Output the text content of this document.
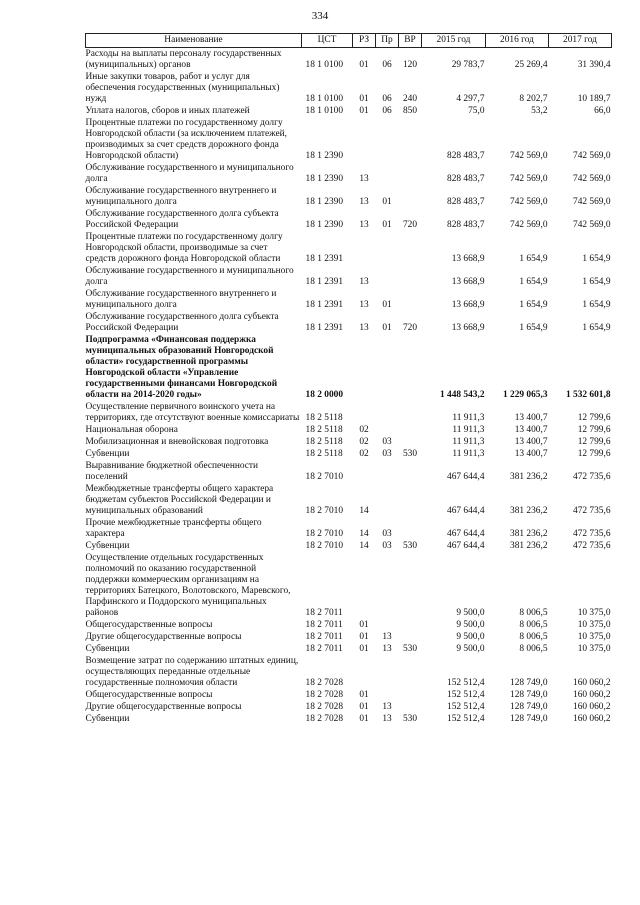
334
Наименование	ЦСТ	РЗ	Пр	ВР	2015 год	2016 год	2017 год
Расходы на выплаты персоналу государственных (муниципальных) органов	18 1 0100	01	06	120	29 783,7	25 269,4	31 390,4
Иные закупки товаров, работ и услуг для обеспечения государственных (муниципальных) нужд	18 1 0100	01	06	240	4 297,7	8 202,7	10 189,7
Уплата налогов, сборов и иных платежей	18 1 0100	01	06	850	75,0	53,2	66,0
Процентные платежи по государственному долгу Новгородской области (за исключением платежей, производимых за счет средств дорожного фонда Новгородской области)	18 1 2390				828 483,7	742 569,0	742 569,0
Обслуживание государственного и муниципального долга	18 1 2390	13			828 483,7	742 569,0	742 569,0
Обслуживание государственного внутреннего и муниципального долга	18 1 2390	13	01		828 483,7	742 569,0	742 569,0
Обслуживание государственного долга субъекта Российской Федерации	18 1 2390	13	01	720	828 483,7	742 569,0	742 569,0
Процентные платежи по государственному долгу Новгородской области, производимые за счет средств дорожного фонда Новгородской области	18 1 2391				13 668,9	1 654,9	1 654,9
Обслуживание государственного и муниципального долга	18 1 2391	13			13 668,9	1 654,9	1 654,9
Обслуживание государственного внутреннего и муниципального долга	18 1 2391	13	01		13 668,9	1 654,9	1 654,9
Обслуживание государственного долга субъекта Российской Федерации	18 1 2391	13	01	720	13 668,9	1 654,9	1 654,9
Подпрограмма «Финансовая поддержка муниципальных образований Новгородской области» государственной программы Новгородской области «Управление государственными финансами Новгородской области на 2014-2020 годы»	18 2 0000				1 448 543,2	1 229 065,3	1 532 601,8
Осуществление первичного воинского учета на территориях, где отсутствуют военные комиссариаты	18 2 5118				11 911,3	13 400,7	12 799,6
Национальная оборона	18 2 5118	02			11 911,3	13 400,7	12 799,6
Мобилизационная и вневойсковая подготовка	18 2 5118	02	03		11 911,3	13 400,7	12 799,6
Субвенции	18 2 5118	02	03	530	11 911,3	13 400,7	12 799,6
Выравнивание бюджетной обеспеченности поселений	18 2 7010				467 644,4	381 236,2	472 735,6
Межбюджетные трансферты общего характера бюджетам субъектов Российской Федерации и муниципальных образований	18 2 7010	14			467 644,4	381 236,2	472 735,6
Прочие межбюджетные трансферты общего характера	18 2 7010	14	03		467 644,4	381 236,2	472 735,6
Субвенции	18 2 7010	14	03	530	467 644,4	381 236,2	472 735,6
Осуществление отдельных государственных полномочий по оказанию государственной поддержки коммерческим организациям на территориях Батецкого, Волотовского, Маревского, Парфинского и Поддорского муниципальных районов	18 2 7011				9 500,0	8 006,5	10 375,0
Общегосударственные вопросы	18 2 7011	01			9 500,0	8 006,5	10 375,0
Другие общегосударственные вопросы	18 2 7011	01	13		9 500,0	8 006,5	10 375,0
Субвенции	18 2 7011	01	13	530	9 500,0	8 006,5	10 375,0
Возмещение затрат по содержанию штатных единиц, осуществляющих переданные отдельные государственные полномочия области	18 2 7028				152 512,4	128 749,0	160 060,2
Общегосударственные вопросы	18 2 7028	01			152 512,4	128 749,0	160 060,2
Другие общегосударственные вопросы	18 2 7028	01	13		152 512,4	128 749,0	160 060,2
Субвенции	18 2 7028	01	13	530	152 512,4	128 749,0	160 060,2
